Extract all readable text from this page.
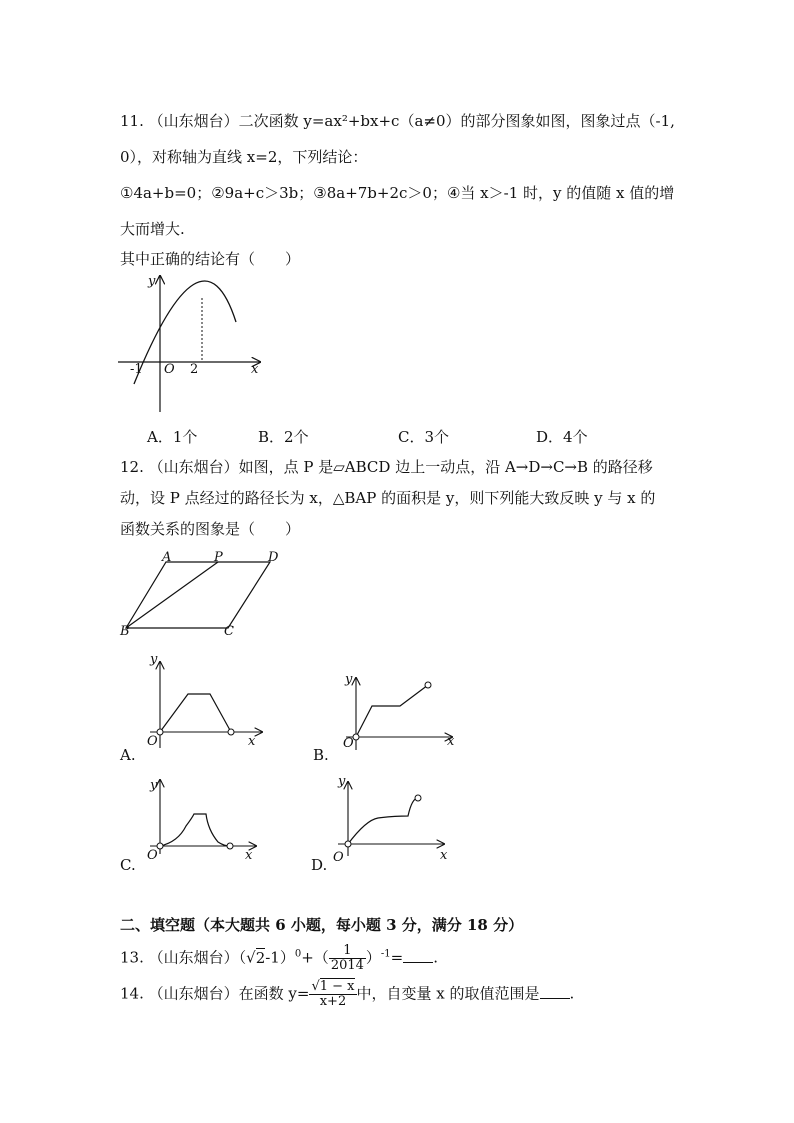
11. （山东烟台）二次函数 y=ax²+bx+c（a≠0）的部分图象如图，图象过点（-1,
0），对称轴为直线 x=2，下列结论：
①4a+b=0；②9a+c＞3b；③8a+7b+2c＞0；④当 x＞-1 时，y 的值随 x 值的增
大而增大.
其中正确的结论有（　　）
y
x
-1 O 2
A．1个	B．2个	C．3个	D．4个
12. （山东烟台）如图，点 P 是▱ABCD 边上一动点，沿 A→D→C→B 的路径移
动，设 P 点经过的路径长为 x，△BAP 的面积是 y，则下列能大致反映 y 与 x 的
函数关系的图象是（　　）
A	P	D
B	C
y
x
O
A.
y
x
O
B.
y
x
O
C.
y
x
O
D.
二、填空题（本大题共 6 小题，每小题 3 分，满分 18 分）
13. （山东烟台）$(√2-1)^0+( \frac{1}{2014} )^{-1}=$ .
14. （山东烟台）在函数 $y= \frac{√1 - x}{x+2}$ 中，自变量 x 的取值范围是 .
